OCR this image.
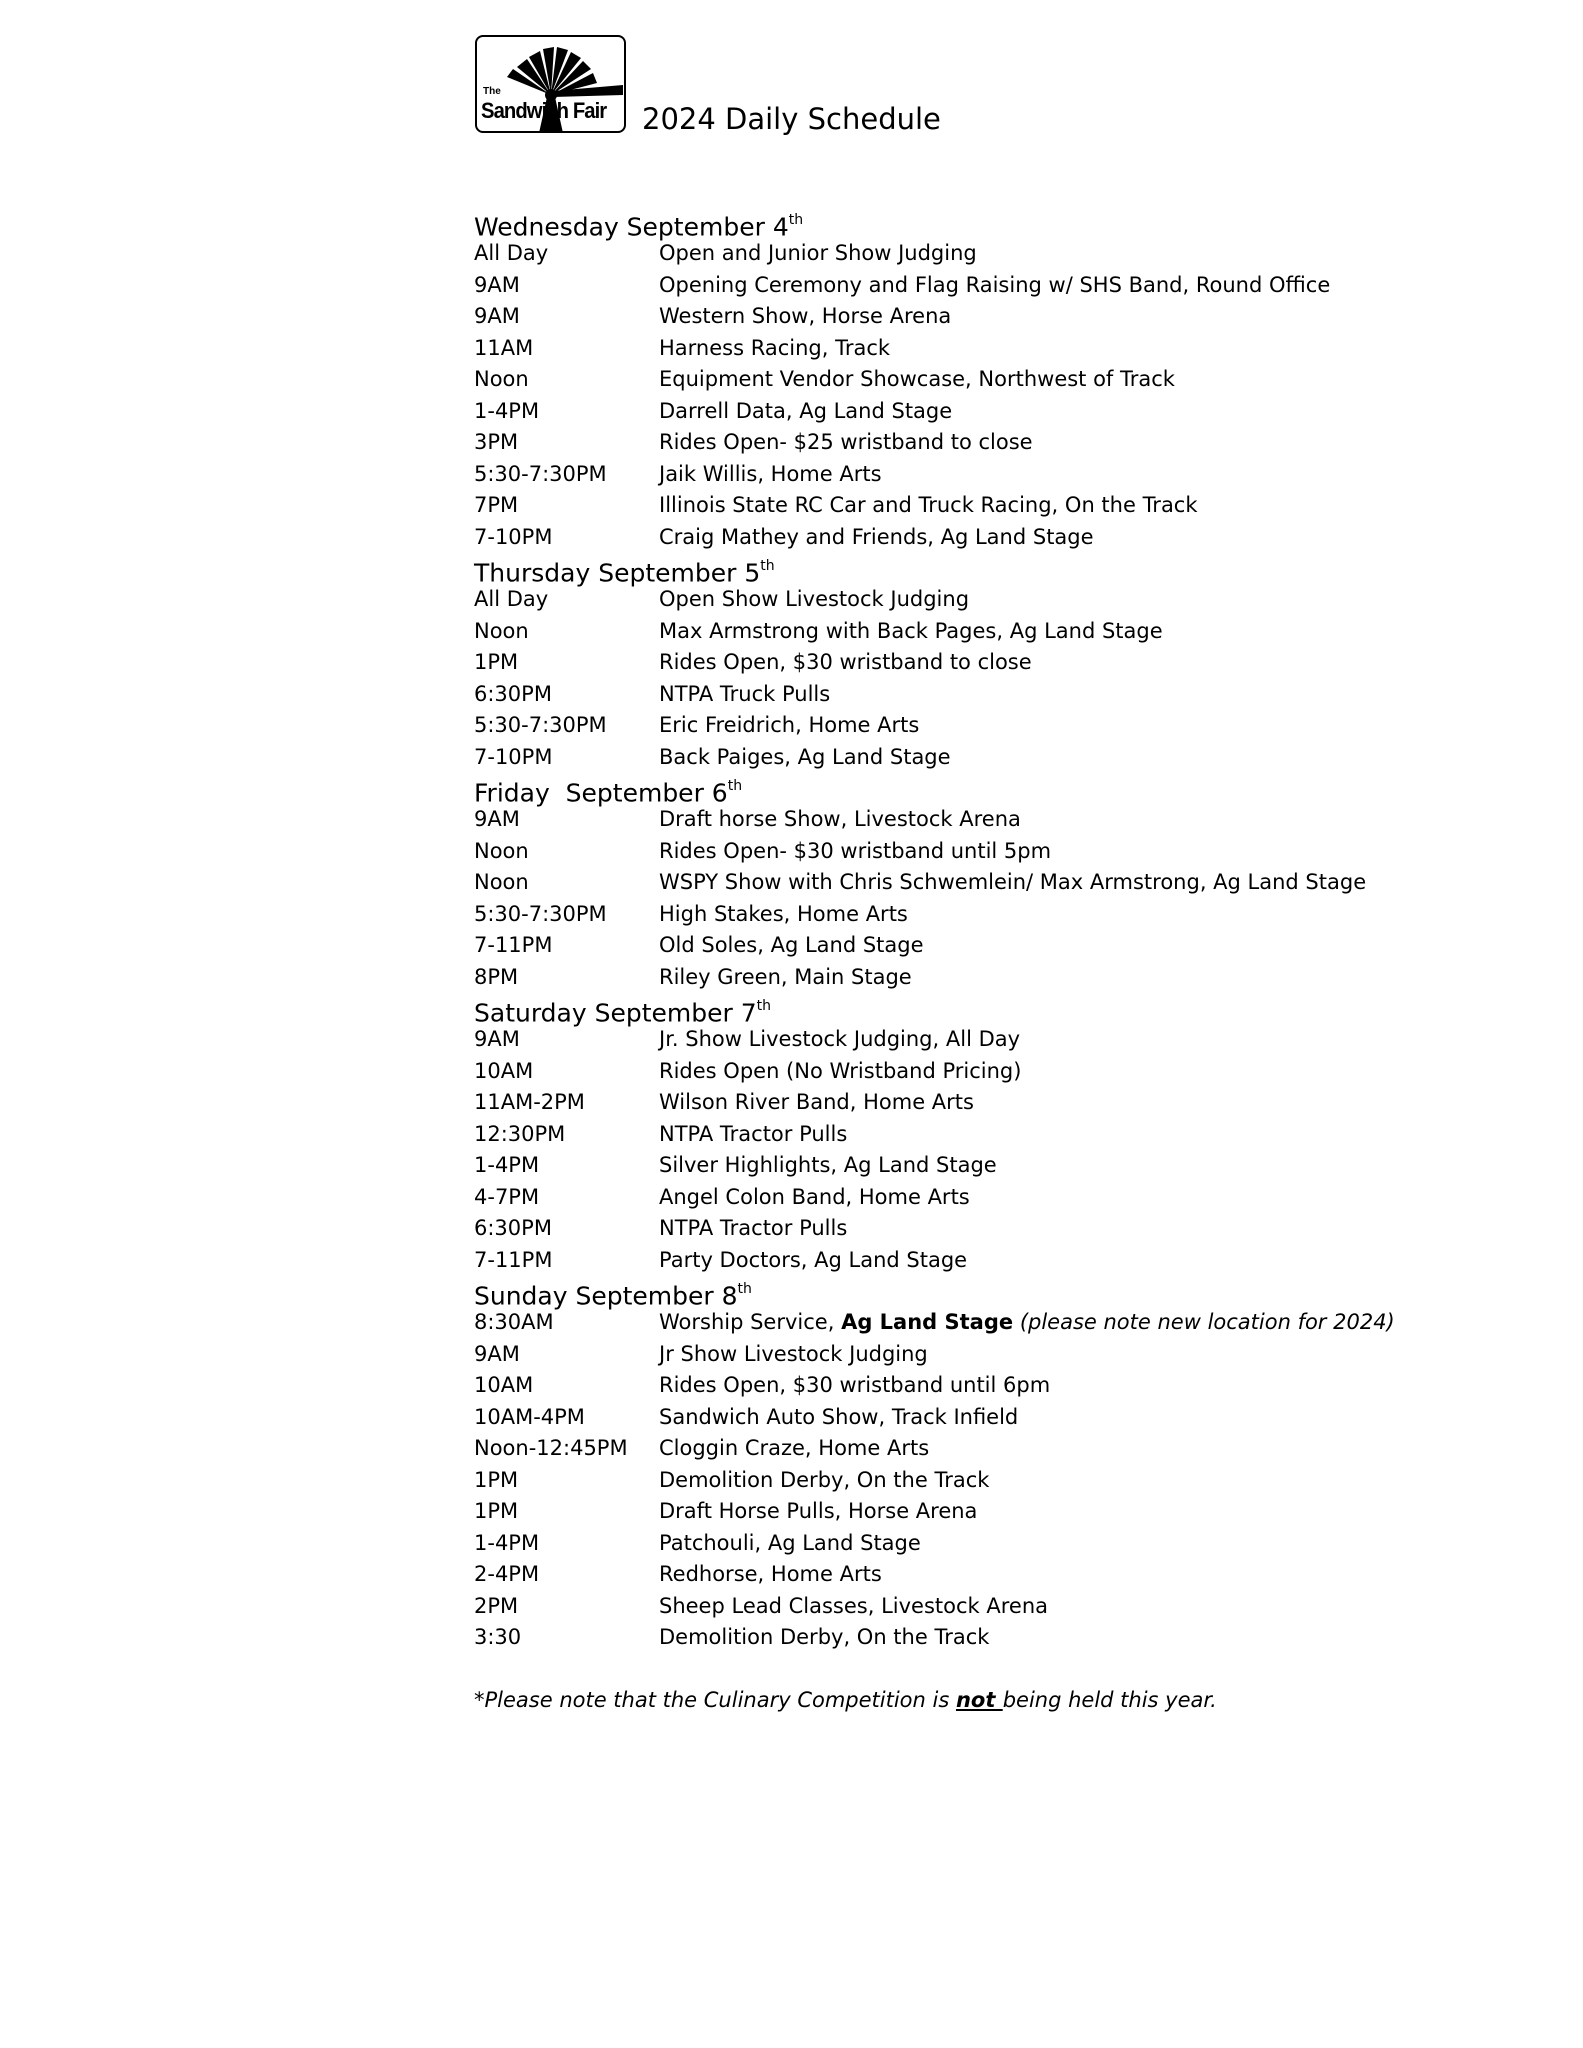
The
Sandwich Fair 2024 Daily Schedule
Wednesday September 4th
All Day	Open and Junior Show Judging
9AM	Opening Ceremony and Flag Raising w/ SHS Band, Round Office
9AM	Western Show, Horse Arena
11AM	Harness Racing, Track
Noon	Equipment Vendor Showcase, Northwest of Track
1-4PM	Darrell Data, Ag Land Stage
3PM	Rides Open- $25 wristband to close
5:30-7:30PM	Jaik Willis, Home Arts
7PM	Illinois State RC Car and Truck Racing, On the Track
7-10PM	Craig Mathey and Friends, Ag Land Stage
Thursday September 5th
All Day	Open Show Livestock Judging
Noon	Max Armstrong with Back Pages, Ag Land Stage
1PM	Rides Open, $30 wristband to close
6:30PM	NTPA Truck Pulls
5:30-7:30PM	Eric Freidrich, Home Arts
7-10PM	Back Paiges, Ag Land Stage
Friday  September 6th
9AM	Draft horse Show, Livestock Arena
Noon	Rides Open- $30 wristband until 5pm
Noon	WSPY Show with Chris Schwemlein/ Max Armstrong, Ag Land Stage
5:30-7:30PM	High Stakes, Home Arts
7-11PM	Old Soles, Ag Land Stage
8PM	Riley Green, Main Stage
Saturday September 7th
9AM	Jr. Show Livestock Judging, All Day
10AM	Rides Open (No Wristband Pricing)
11AM-2PM	Wilson River Band, Home Arts
12:30PM	NTPA Tractor Pulls
1-4PM	Silver Highlights, Ag Land Stage
4-7PM	Angel Colon Band, Home Arts
6:30PM	NTPA Tractor Pulls
7-11PM	Party Doctors, Ag Land Stage
Sunday September 8th
8:30AM	Worship Service, Ag Land Stage (please note new location for 2024)
9AM	Jr Show Livestock Judging
10AM	Rides Open, $30 wristband until 6pm
10AM-4PM	Sandwich Auto Show, Track Infield
Noon-12:45PM	Cloggin Craze, Home Arts
1PM	Demolition Derby, On the Track
1PM	Draft Horse Pulls, Horse Arena
1-4PM	Patchouli, Ag Land Stage
2-4PM	Redhorse, Home Arts
2PM	Sheep Lead Classes, Livestock Arena
3:30	Demolition Derby, On the Track
*Please note that the Culinary Competition is not being held this year.
